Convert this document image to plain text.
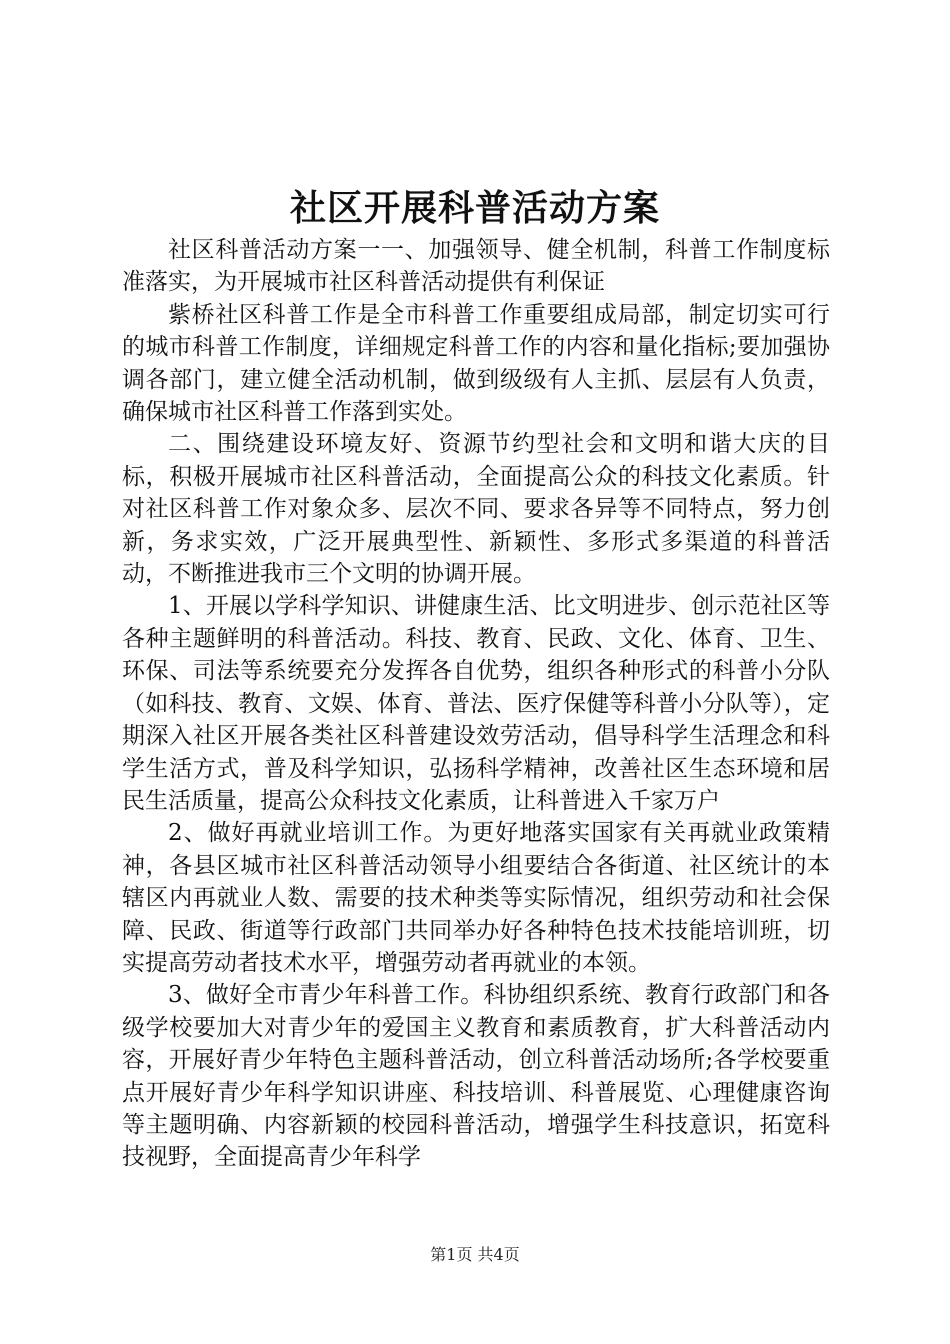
社区开展科普活动方案

社区科普活动方案一一、加强领导、健全机制，科普工作制度标准落实，为开展城市社区科普活动提供有利保证

紫桥社区科普工作是全市科普工作重要组成局部，制定切实可行的城市科普工作制度，详细规定科普工作的内容和量化指标;要加强协调各部门，建立健全活动机制，做到级级有人主抓、层层有人负责，确保城市社区科普工作落到实处。

二、围绕建设环境友好、资源节约型社会和文明和谐大庆的目标，积极开展城市社区科普活动，全面提高公众的科技文化素质。针对社区科普工作对象众多、层次不同、要求各异等不同特点，努力创新，务求实效，广泛开展典型性、新颖性、多形式多渠道的科普活动，不断推进我市三个文明的协调开展。

1、开展以学科学知识、讲健康生活、比文明进步、创示范社区等各种主题鲜明的科普活动。科技、教育、民政、文化、体育、卫生、环保、司法等系统要充分发挥各自优势，组织各种形式的科普小分队（如科技、教育、文娱、体育、普法、医疗保健等科普小分队等），定期深入社区开展各类社区科普建设效劳活动，倡导科学生活理念和科学生活方式，普及科学知识，弘扬科学精神，改善社区生态环境和居民生活质量，提高公众科技文化素质，让科普进入千家万户

2、做好再就业培训工作。为更好地落实国家有关再就业政策精神，各县区城市社区科普活动领导小组要结合各街道、社区统计的本辖区内再就业人数、需要的技术种类等实际情况，组织劳动和社会保障、民政、街道等行政部门共同举办好各种特色技术技能培训班，切实提高劳动者技术水平，增强劳动者再就业的本领。

3、做好全市青少年科普工作。科协组织系统、教育行政部门和各级学校要加大对青少年的爱国主义教育和素质教育，扩大科普活动内容，开展好青少年特色主题科普活动，创立科普活动场所;各学校要重点开展好青少年科学知识讲座、科技培训、科普展览、心理健康咨询等主题明确、内容新颖的校园科普活动，增强学生科技意识，拓宽科技视野，全面提高青少年科学

第1页 共4页
